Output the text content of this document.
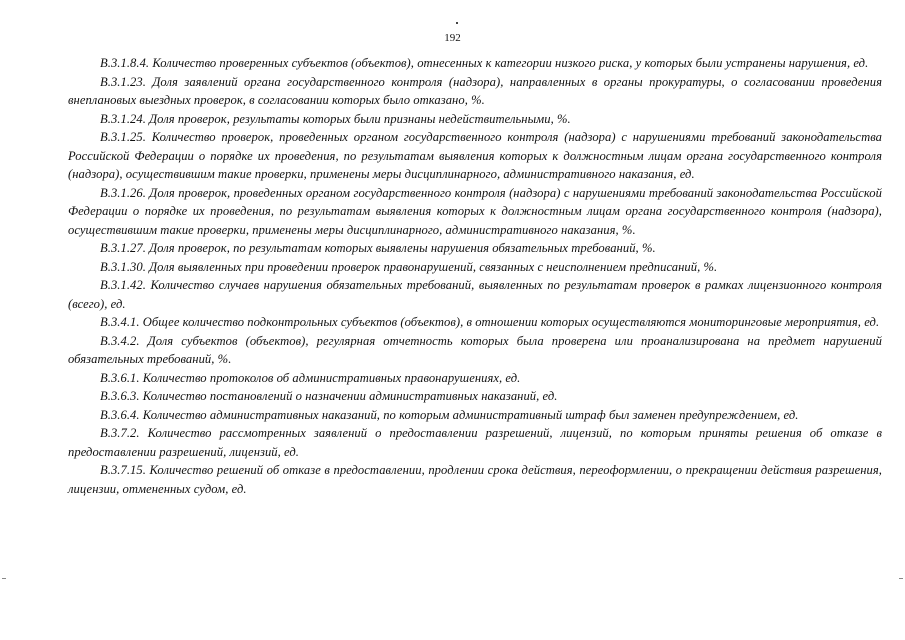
192

В.3.1.8.4. Количество проверенных субъектов (объектов), отнесенных к категории низкого риска, у которых были устранены нарушения, ед.

В.3.1.23. Доля заявлений органа государственного контроля (надзора), направленных в органы прокуратуры, о согласовании проведения внеплановых выездных проверок, в согласовании которых было отказано, %.

В.3.1.24. Доля проверок, результаты которых были признаны недействительными, %.

В.3.1.25. Количество проверок, проведенных органом государственного контроля (надзора) с нарушениями требований законодательства Российской Федерации о порядке их проведения, по результатам выявления которых к должностным лицам органа государственного контроля (надзора), осуществившим такие проверки, применены меры дисциплинарного, административного наказания, ед.

В.3.1.26. Доля проверок, проведенных органом государственного контроля (надзора) с нарушениями требований законодательства Российской Федерации о порядке их проведения, по результатам выявления которых к должностным лицам органа государственного контроля (надзора), осуществившим такие проверки, применены меры дисциплинарного, административного наказания, %.

В.3.1.27. Доля проверок, по результатам которых выявлены нарушения обязательных требований, %.

В.3.1.30. Доля выявленных при проведении проверок правонарушений, связанных с неисполнением предписаний, %.

В.3.1.42. Количество случаев нарушения обязательных требований, выявленных по результатам проверок в рамках лицензионного контроля (всего), ед.

В.3.4.1. Общее количество подконтрольных субъектов (объектов), в отношении которых осуществляются мониторинговые мероприятия, ед.

В.3.4.2. Доля субъектов (объектов), регулярная отчетность которых была проверена или проанализирована на предмет нарушений обязательных требований, %.

В.3.6.1. Количество протоколов об административных правонарушениях, ед.

В.3.6.3. Количество постановлений о назначении административных наказаний, ед.

В.3.6.4. Количество административных наказаний, по которым административный штраф был заменен предупреждением, ед.

В.3.7.2. Количество рассмотренных заявлений о предоставлении разрешений, лицензий, по которым приняты решения об отказе в предоставлении разрешений, лицензий, ед.

В.3.7.15. Количество решений об отказе в предоставлении, продлении срока действия, переоформлении, о прекращении действия разрешения, лицензии, отмененных судом, ед.
